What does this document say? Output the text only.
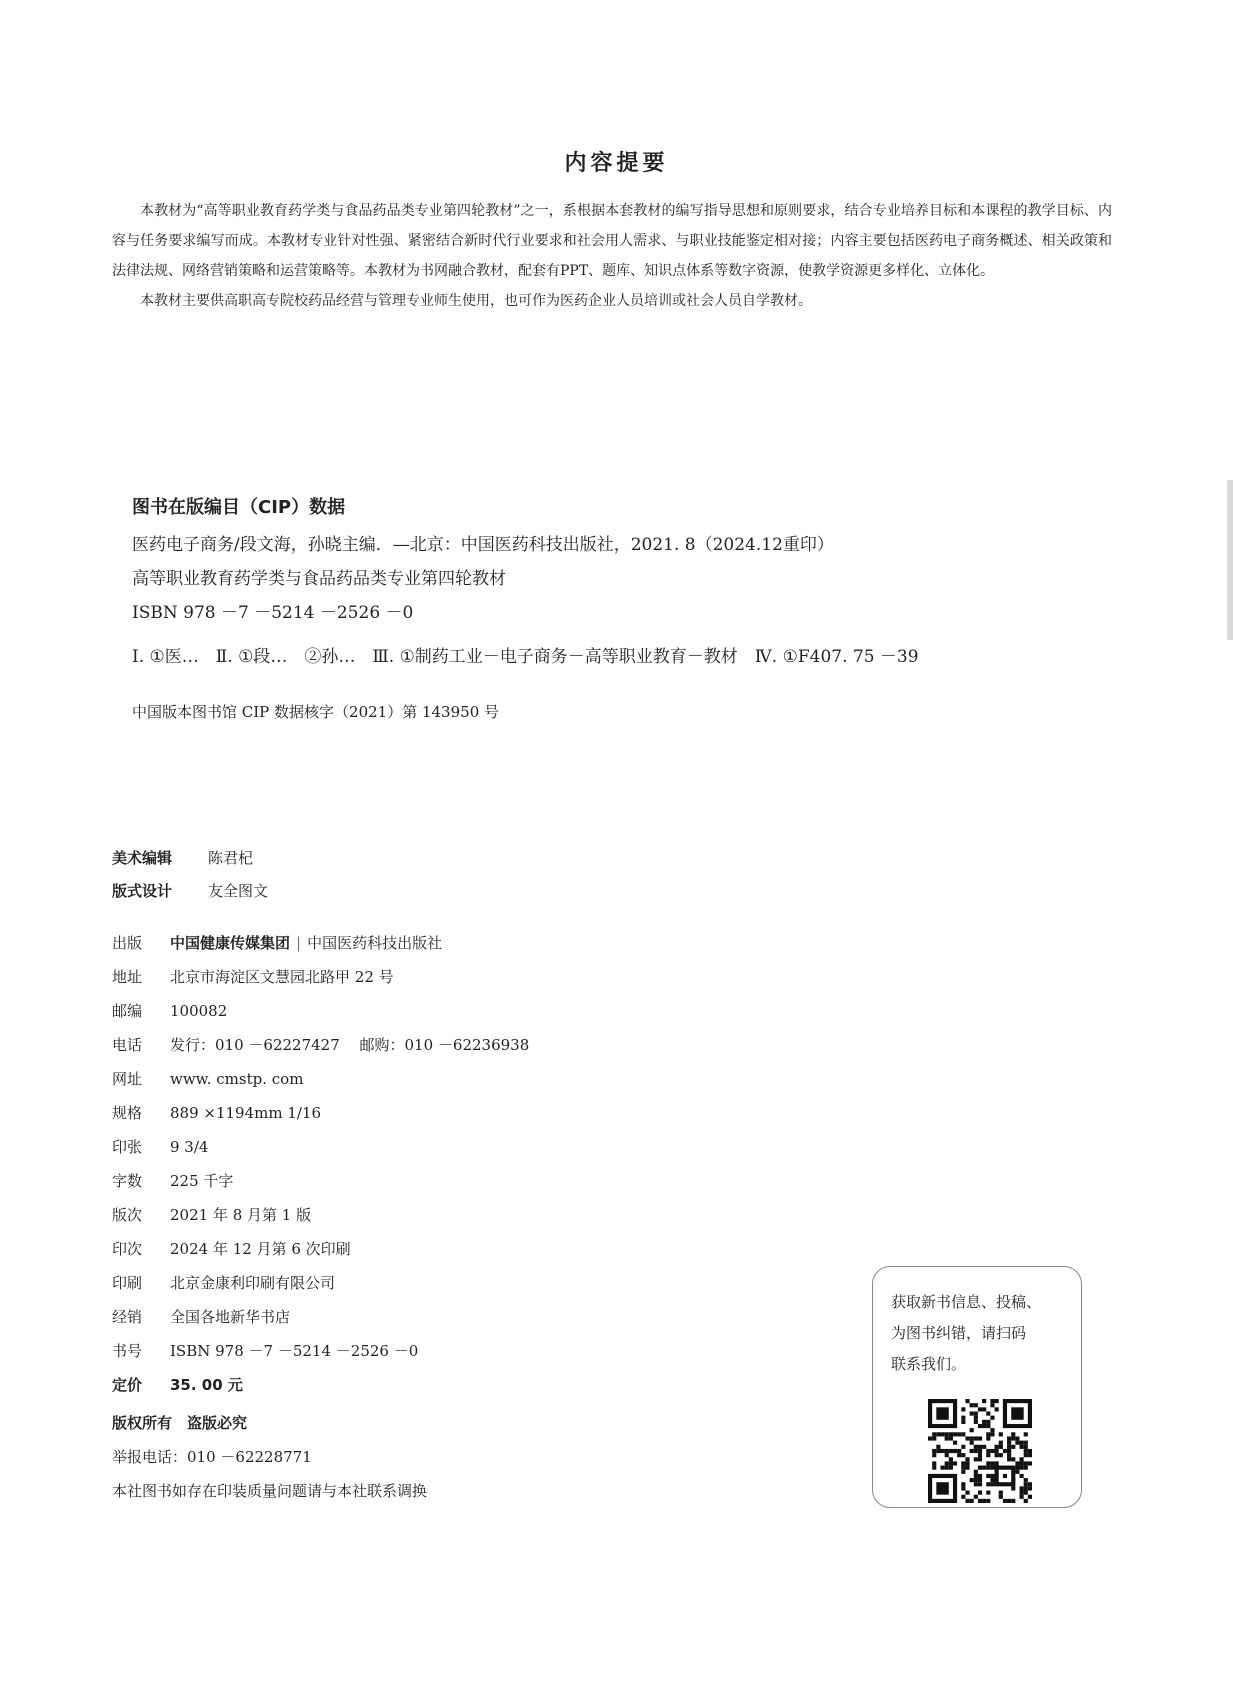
内容提要

本教材为“高等职业教育药学类与食品药品类专业第四轮教材”之一，系根据本套教材的编写指导思想和原则要求，结合专业培养目标和本课程的教学目标、内容与任务要求编写而成。本教材专业针对性强、紧密结合新时代行业要求和社会用人需求、与职业技能鉴定相对接；内容主要包括医药电子商务概述、相关政策和法律法规、网络营销策略和运营策略等。本教材为书网融合教材，配套有PPT、题库、知识点体系等数字资源，使教学资源更多样化、立体化。

本教材主要供高职高专院校药品经营与管理专业师生使用，也可作为医药企业人员培训或社会人员自学教材。

图书在版编目（CIP）数据
医药电子商务/段文海，孙晓主编．—北京：中国医药科技出版社，2021. 8（2024.12重印）
高等职业教育药学类与食品药品类专业第四轮教材
ISBN 978 －7 －5214 －2526 －0
Ⅰ. ①医…　Ⅱ. ①段…　②孙…　Ⅲ. ①制药工业－电子商务－高等职业教育－教材　Ⅳ. ①F407. 75 －39
中国版本图书馆 CIP 数据核字（2021）第 143950 号
美术编辑 陈君杞
版式设计 友全图文
出版 中国健康传媒集团 | 中国医药科技出版社
地址 北京市海淀区文慧园北路甲 22 号
邮编 100082
电话 发行：010 －62227427　 邮购：010 －62236938
网址 www. cmstp. com
规格 889 ×1194mm 1/16
印张 9 3/4
字数 225 千字
版次 2021 年 8 月第 1 版
印次 2024 年 12 月第 6 次印刷
印刷 北京金康利印刷有限公司
经销 全国各地新华书店
书号 ISBN 978 －7 －5214 －2526 －0
定价 35. 00 元
版权所有　盗版必究
举报电话：010 －62228771
本社图书如存在印装质量问题请与本社联系调换
获取新书信息、投稿、
为图书纠错，请扫码
联系我们。
